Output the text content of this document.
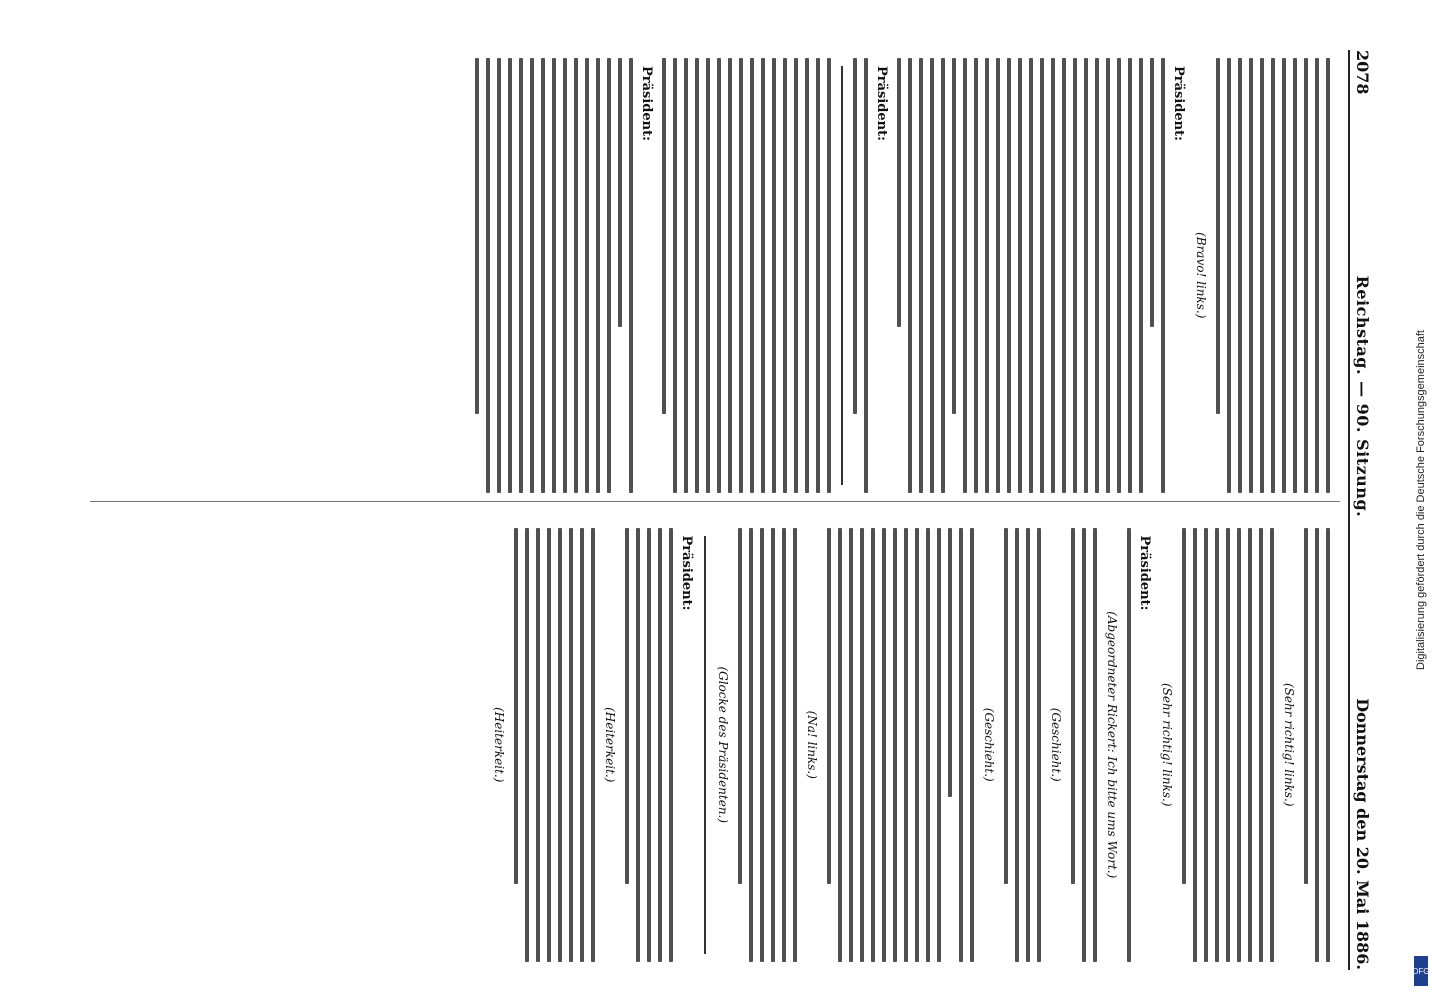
2078
Reichstag. — 90. Sitzung.
Donnerstag den 20. Mai 1886.
(Bravo! links.)
Präsident:
Präsident:
Präsident:
(Sehr richtig! links.)
(Sehr richtig! links.)
Präsident:
(Abgeordneter Rickert: Ich bitte ums Wort.)
(Geschieht.)
(Geschieht.)
(Na! links.)
(Glocke des Präsidenten.)
Präsident:
(Heiterkeit.)
(Heiterkeit.)
Digitalisierung gefördert durch die Deutsche Forschungsgemeinschaft
DFG
